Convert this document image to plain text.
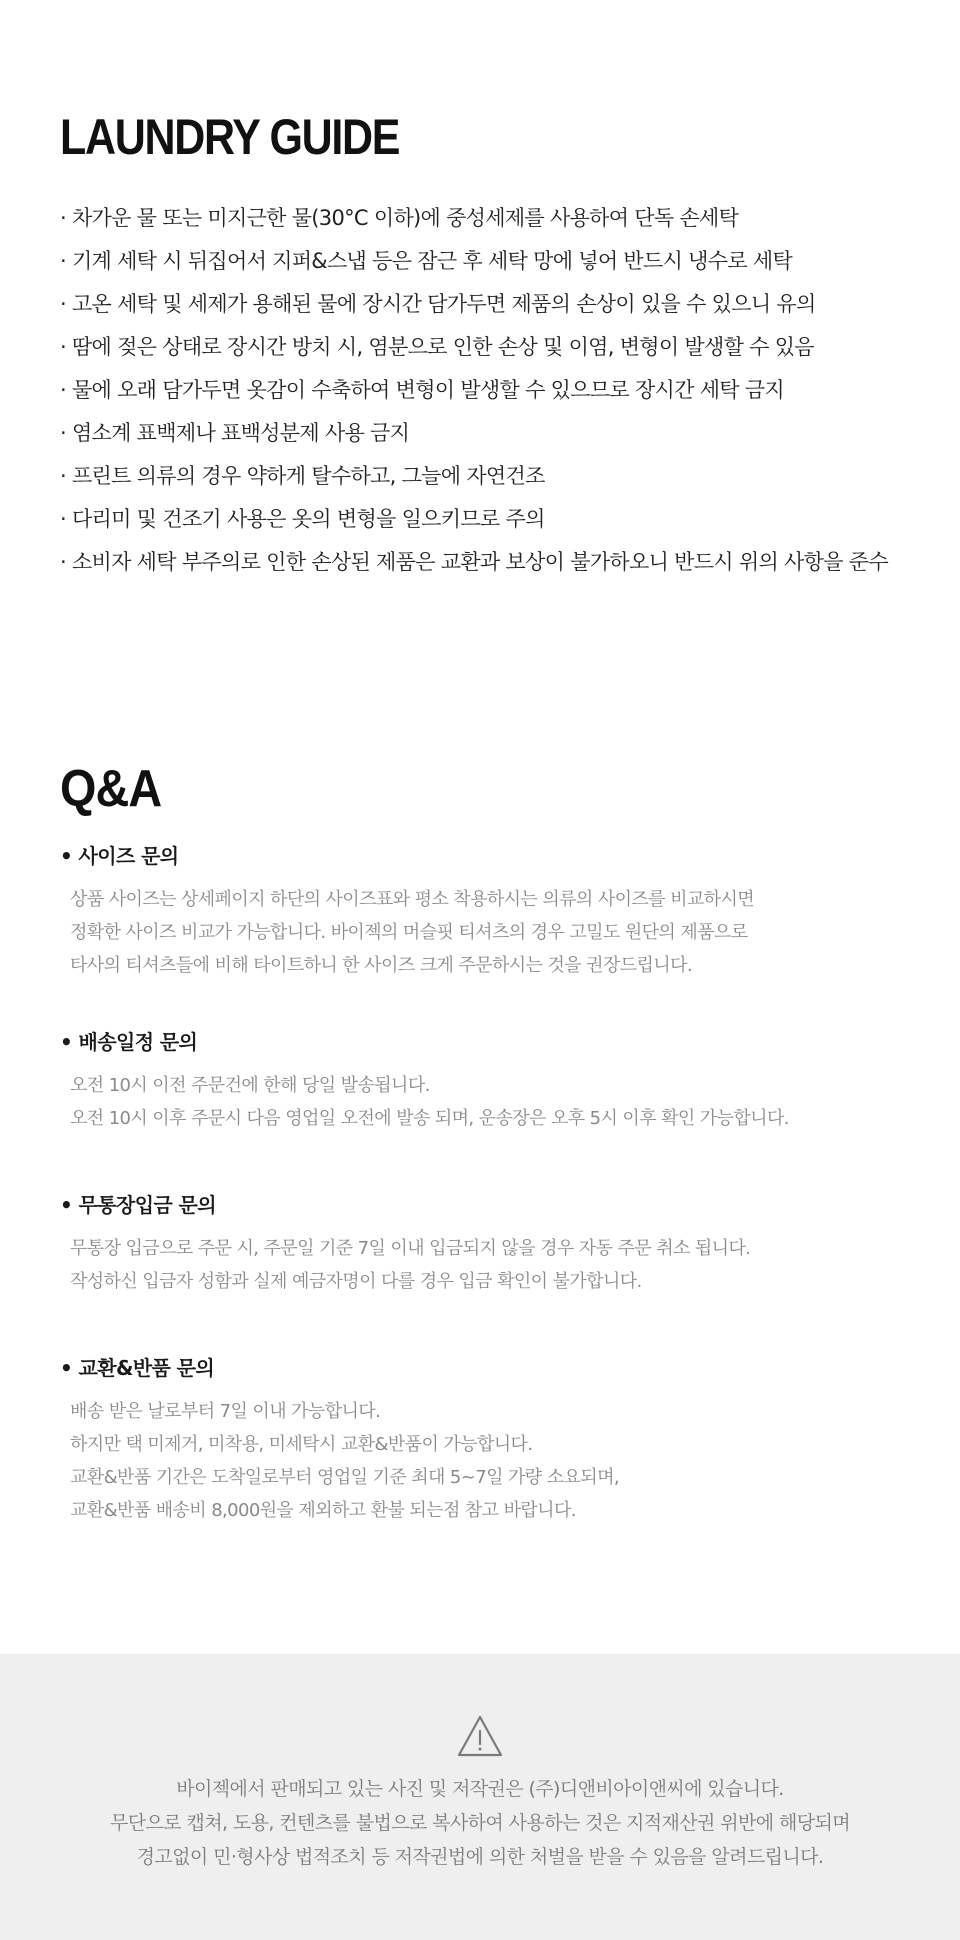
LAUNDRY GUIDE
· 차가운 물 또는 미지근한 물(30°C 이하)에 중성세제를 사용하여 단독 손세탁
· 기계 세탁 시 뒤집어서 지퍼&스냅 등은 잠근 후 세탁 망에 넣어 반드시 냉수로 세탁
· 고온 세탁 및 세제가 용해된 물에 장시간 담가두면 제품의 손상이 있을 수 있으니 유의
· 땀에 젖은 상태로 장시간 방치 시, 염분으로 인한 손상 및 이염, 변형이 발생할 수 있음
· 물에 오래 담가두면 옷감이 수축하여 변형이 발생할 수 있으므로 장시간 세탁 금지
· 염소계 표백제나 표백성분제 사용 금지
· 프린트 의류의 경우 약하게 탈수하고, 그늘에 자연건조
· 다리미 및 건조기 사용은 옷의 변형을 일으키므로 주의
· 소비자 세탁 부주의로 인한 손상된 제품은 교환과 보상이 불가하오니 반드시 위의 사항을 준수
Q&A
• 사이즈 문의

상품 사이즈는 상세페이지 하단의 사이즈표와 평소 착용하시는 의류의 사이즈를 비교하시면

정확한 사이즈 비교가 가능합니다. 바이젝의 머슬핏 티셔츠의 경우 고밀도 원단의 제품으로

타사의 티셔츠들에 비해 타이트하니 한 사이즈 크게 주문하시는 것을 권장드립니다.

• 배송일정 문의

오전 10시 이전 주문건에 한해 당일 발송됩니다.

오전 10시 이후 주문시 다음 영업일 오전에 발송 되며, 운송장은 오후 5시 이후 확인 가능합니다.

• 무통장입금 문의

무통장 입금으로 주문 시, 주문일 기준 7일 이내 입금되지 않을 경우 자동 주문 취소 됩니다.

작성하신 입금자 성함과 실제 예금자명이 다를 경우 입금 확인이 불가합니다.

• 교환&반품 문의

배송 받은 날로부터 7일 이내 가능합니다.

하지만 택 미제거, 미착용, 미세탁시 교환&반품이 가능합니다.

교환&반품 기간은 도착일로부터 영업일 기준 최대 5~7일 가량 소요되며,

교환&반품 배송비 8,000원을 제외하고 환불 되는점 참고 바랍니다.

바이젝에서 판매되고 있는 사진 및 저작권은 (주)디앤비아이앤씨에 있습니다.

무단으로 캡쳐, 도용, 컨텐츠를 불법으로 복사하여 사용하는 것은 지적재산권 위반에 해당되며

경고없이 민·형사상 법적조치 등 저작권법에 의한 처벌을 받을 수 있음을 알려드립니다.
